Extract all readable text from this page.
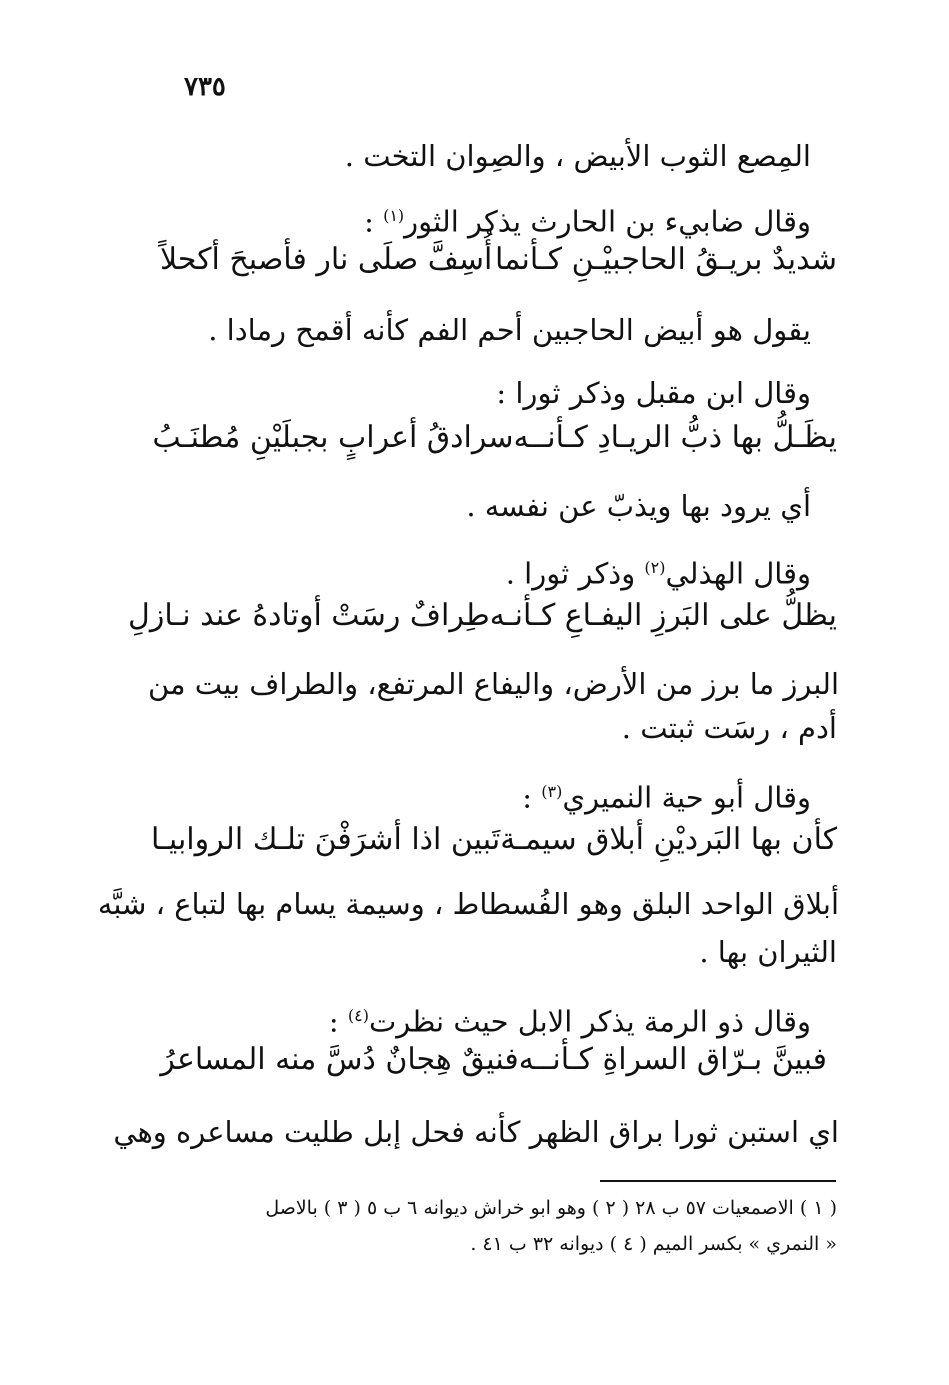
٧٣٥
المِصع الثوب الأبيض ، والصِوان التخت .
وقال ضابيء بن الحارث يذكر الثور$^{(١)}$ :
شديدٌ بريـقُ الحاجبيْـنِ كـأنما
أُسِفَّ صلَى نار فأصبحَ أكحلاً
يقول هو أبيض الحاجبين أحم الفم كأنه أقمح رمادا .
وقال ابن مقبل وذكر ثورا :
يظَـلُّ بها ذبُّ الريـادِ كـأنــه
سرادقُ أعرابٍ بجبلَيْنِ مُطنَـبُ
أي يرود بها ويذبّ عن نفسه .
وقال الهذلي$^{(٢)}$ وذكر ثورا .
يظلُّ على البَرزِ اليفـاعِ كـأنـه
طِرافٌ رسَتْ أوتادهُ عند نـازلِ
البرز ما برز من الأرض، واليفاع المرتفع، والطراف بيت من
أدم ، رسَت ثبتت .
وقال أبو حية النميري$^{(٣)}$ :
كأن بها البَرديْنِ أبلاق سيمـة
تَبين اذا أشرَفْنَ تلـك الروابيـا
أبلاق الواحد البلق وهو الفُسطاط ، وسيمة يسام بها لتباع ، شبَّه
الثيران بها .
وقال ذو الرمة يذكر الابل حيث نظرت$^{(٤)}$ :
فبينَّ بـرّاق السراةِ كـأنــه
فنيقٌ هِجانٌ دُسَّ منه المساعرُ
اي استبن ثورا براق الظهر كأنه فحل إبل طليت مساعره وهي
( ١ ) الاصمعيات ٥٧ ب ٢٨ ( ٢ ) وهو ابو خراش ديوانه ٦ ب ٥ ( ٣ ) بالاصل
« النمري » بكسر الميم ( ٤ ) ديوانه ٣٢ ب ٤١ .
